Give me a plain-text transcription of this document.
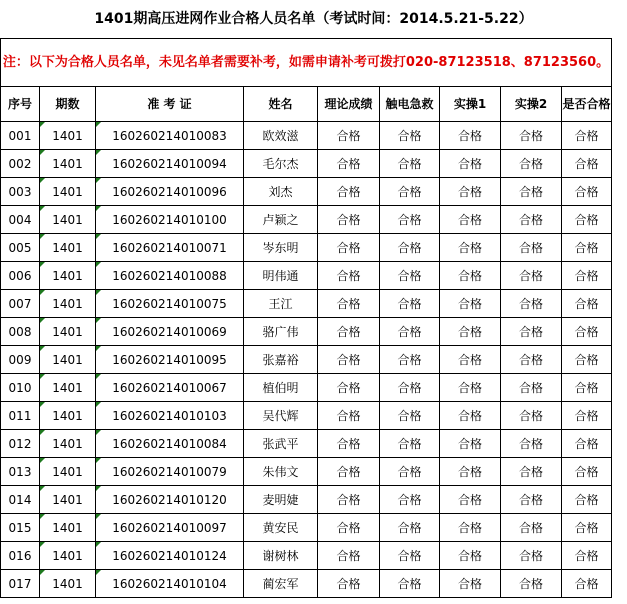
1401期高压进网作业合格人员名单（考试时间：2014.5.21-5.22）
注：以下为合格人员名单，未见名单者需要补考，如需申请补考可拨打020-87123518、87123560。								
序号	期数	准 考 证	姓名	理论成绩	触电急救	实操1	实操2	是否合格
001	1401	160260214010083	欧效滋	合格	合格	合格	合格	合格
002	1401	160260214010094	毛尔杰	合格	合格	合格	合格	合格
003	1401	160260214010096	刘杰	合格	合格	合格	合格	合格
004	1401	160260214010100	卢颖之	合格	合格	合格	合格	合格
005	1401	160260214010071	岑东明	合格	合格	合格	合格	合格
006	1401	160260214010088	明伟通	合格	合格	合格	合格	合格
007	1401	160260214010075	王江	合格	合格	合格	合格	合格
008	1401	160260214010069	骆广伟	合格	合格	合格	合格	合格
009	1401	160260214010095	张嘉裕	合格	合格	合格	合格	合格
010	1401	160260214010067	植伯明	合格	合格	合格	合格	合格
011	1401	160260214010103	吴代辉	合格	合格	合格	合格	合格
012	1401	160260214010084	张武平	合格	合格	合格	合格	合格
013	1401	160260214010079	朱伟文	合格	合格	合格	合格	合格
014	1401	160260214010120	麦明婕	合格	合格	合格	合格	合格
015	1401	160260214010097	黄安民	合格	合格	合格	合格	合格
016	1401	160260214010124	谢树林	合格	合格	合格	合格	合格
017	1401	160260214010104	蔺宏军	合格	合格	合格	合格	合格
